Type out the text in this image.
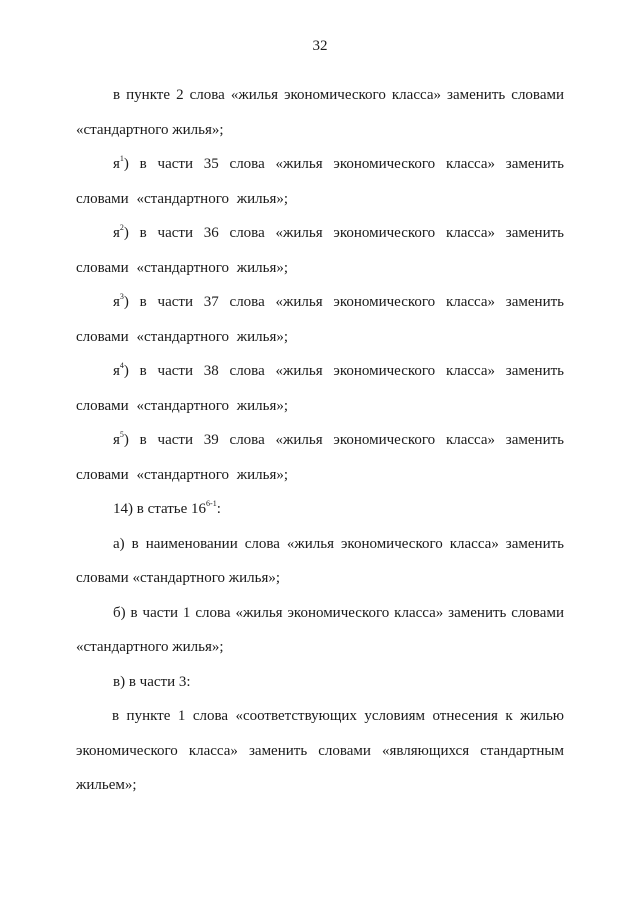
32

в пункте 2 слова «жилья экономического класса» заменить словами «стандартного жилья»;

$я^1$) в части 35 слова «жилья экономического класса» заменить словами «стандартного жилья»;

$я^2$) в части 36 слова «жилья экономического класса» заменить словами «стандартного жилья»;

$я^3$) в части 37 слова «жилья экономического класса» заменить словами «стандартного жилья»;

$я^4$) в части 38 слова «жилья экономического класса» заменить словами «стандартного жилья»;

$я^5$) в части 39 слова «жилья экономического класса» заменить словами «стандартного жилья»;

14) в статье 16$^{6-1}$:

а) в наименовании слова «жилья экономического класса» заменить словами «стандартного жилья»;

б) в части 1 слова «жилья экономического класса» заменить словами «стандартного жилья»;

в) в части 3:

в пункте 1 слова «соответствующих условиям отнесения к жилью экономического класса» заменить словами «являющихся стандартным жильем»;
